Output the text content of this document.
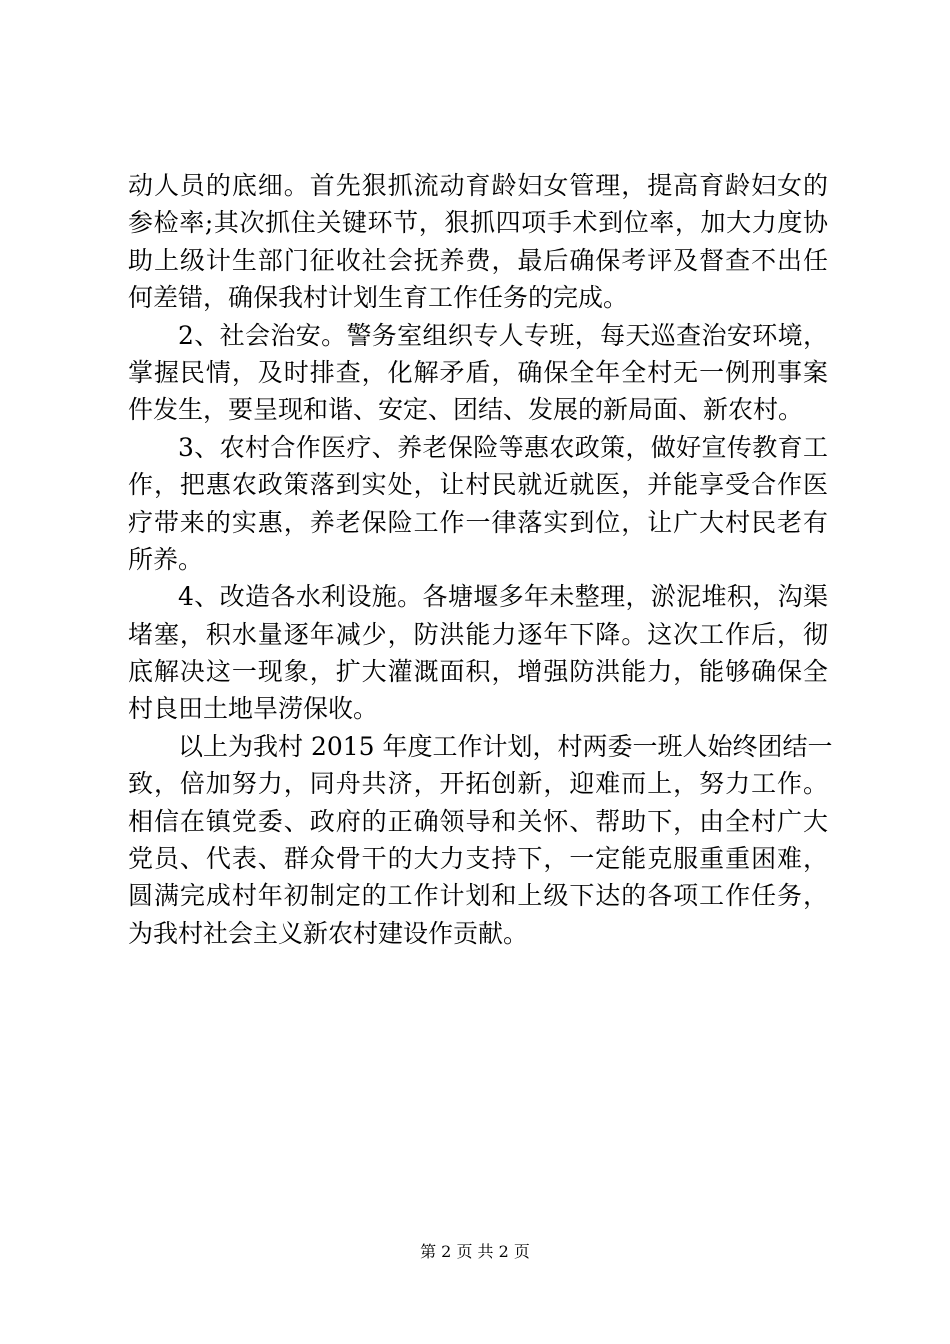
动人员的底细。首先狠抓流动育龄妇女管理，提高育龄妇女的
参检率;其次抓住关键环节，狠抓四项手术到位率，加大力度协
助上级计生部门征收社会抚养费，最后确保考评及督查不出任
何差错，确保我村计划生育工作任务的完成。
2、社会治安。警务室组织专人专班，每天巡查治安环境，
掌握民情，及时排查，化解矛盾，确保全年全村无一例刑事案
件发生，要呈现和谐、安定、团结、发展的新局面、新农村。
3、农村合作医疗、养老保险等惠农政策，做好宣传教育工
作，把惠农政策落到实处，让村民就近就医，并能享受合作医
疗带来的实惠，养老保险工作一律落实到位，让广大村民老有
所养。
4、改造各水利设施。各塘堰多年未整理，淤泥堆积，沟渠
堵塞，积水量逐年减少，防洪能力逐年下降。这次工作后，彻
底解决这一现象，扩大灌溉面积，增强防洪能力，能够确保全
村良田土地旱涝保收。
以上为我村 2015 年度工作计划，村两委一班人始终团结一
致，倍加努力，同舟共济，开拓创新，迎难而上，努力工作。
相信在镇党委、政府的正确领导和关怀、帮助下，由全村广大
党员、代表、群众骨干的大力支持下，一定能克服重重困难，
圆满完成村年初制定的工作计划和上级下达的各项工作任务，
为我村社会主义新农村建设作贡献。
第 2 页 共 2 页
